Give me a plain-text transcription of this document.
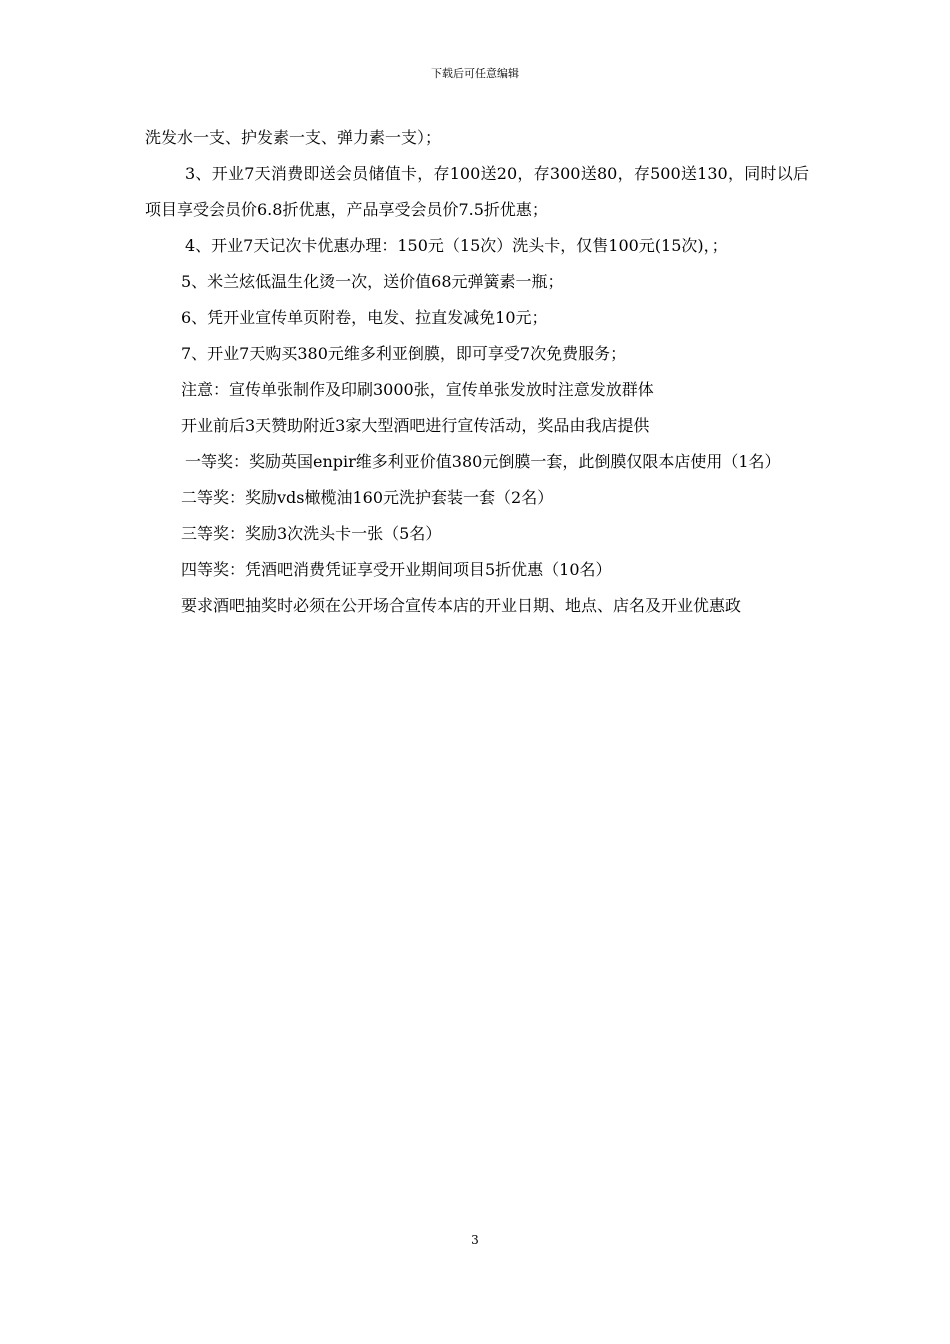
下载后可任意编辑

洗发水一支、护发素一支、弹力素一支）；

3、开业7天消费即送会员储值卡，存100送20，存300送80，存500送130，同时以后项目享受会员价6.8折优惠，产品享受会员价7.5折优惠；

4、开业7天记次卡优惠办理：150元（15次）洗头卡，仅售100元(15次)，；

5、米兰炫低温生化烫一次，送价值68元弹簧素一瓶；

6、凭开业宣传单页附卷，电发、拉直发减免10元；

7、开业7天购买380元维多利亚倒膜，即可享受7次免费服务；

注意：宣传单张制作及印刷3000张，宣传单张发放时注意发放群体

开业前后3天赞助附近3家大型酒吧进行宣传活动，奖品由我店提供

一等奖：奖励英国enpir维多利亚价值380元倒膜一套，此倒膜仅限本店使用（1名）

二等奖：奖励vds橄榄油160元洗护套装一套（2名）

三等奖：奖励3次洗头卡一张（5名）

四等奖：凭酒吧消费凭证享受开业期间项目5折优惠（10名）

要求酒吧抽奖时必须在公开场合宣传本店的开业日期、地点、店名及开业优惠政

3
